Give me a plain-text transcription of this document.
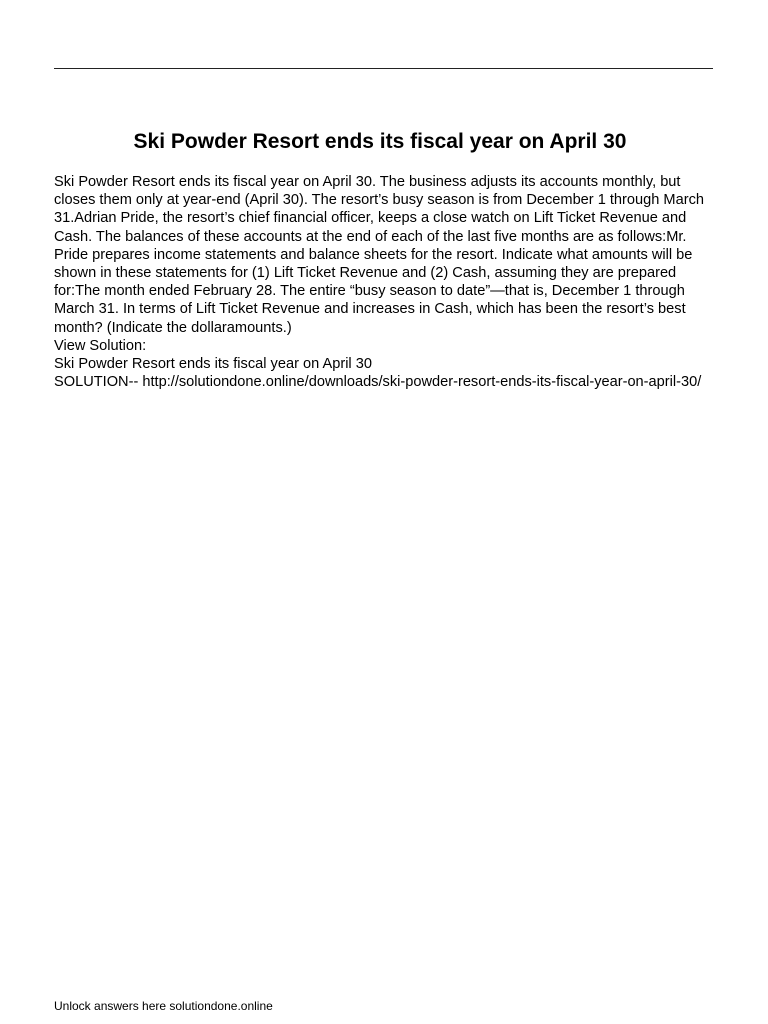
Ski Powder Resort ends its fiscal year on April 30

Ski Powder Resort ends its fiscal year on April 30. The business adjusts its accounts monthly, but closes them only at year-end (April 30). The resort’s busy season is from December 1 through March 31.Adrian Pride, the resort’s chief financial officer, keeps a close watch on Lift Ticket Revenue and Cash. The balances of these accounts at the end of each of the last five months are as follows:Mr. Pride prepares income statements and balance sheets for the resort. Indicate what amounts will be shown in these statements for (1) Lift Ticket Revenue and (2) Cash, assuming they are prepared for:The month ended February 28. The entire “busy season to date”—that is, December 1 through March 31. In terms of Lift Ticket Revenue and increases in Cash, which has been the resort’s best month? (Indicate the dollaramounts.)

View Solution:

Ski Powder Resort ends its fiscal year on April 30

SOLUTION-- http://solutiondone.online/downloads/ski-powder-resort-ends-its-fiscal-year-on-april-30/

Unlock answers here solutiondone.online
